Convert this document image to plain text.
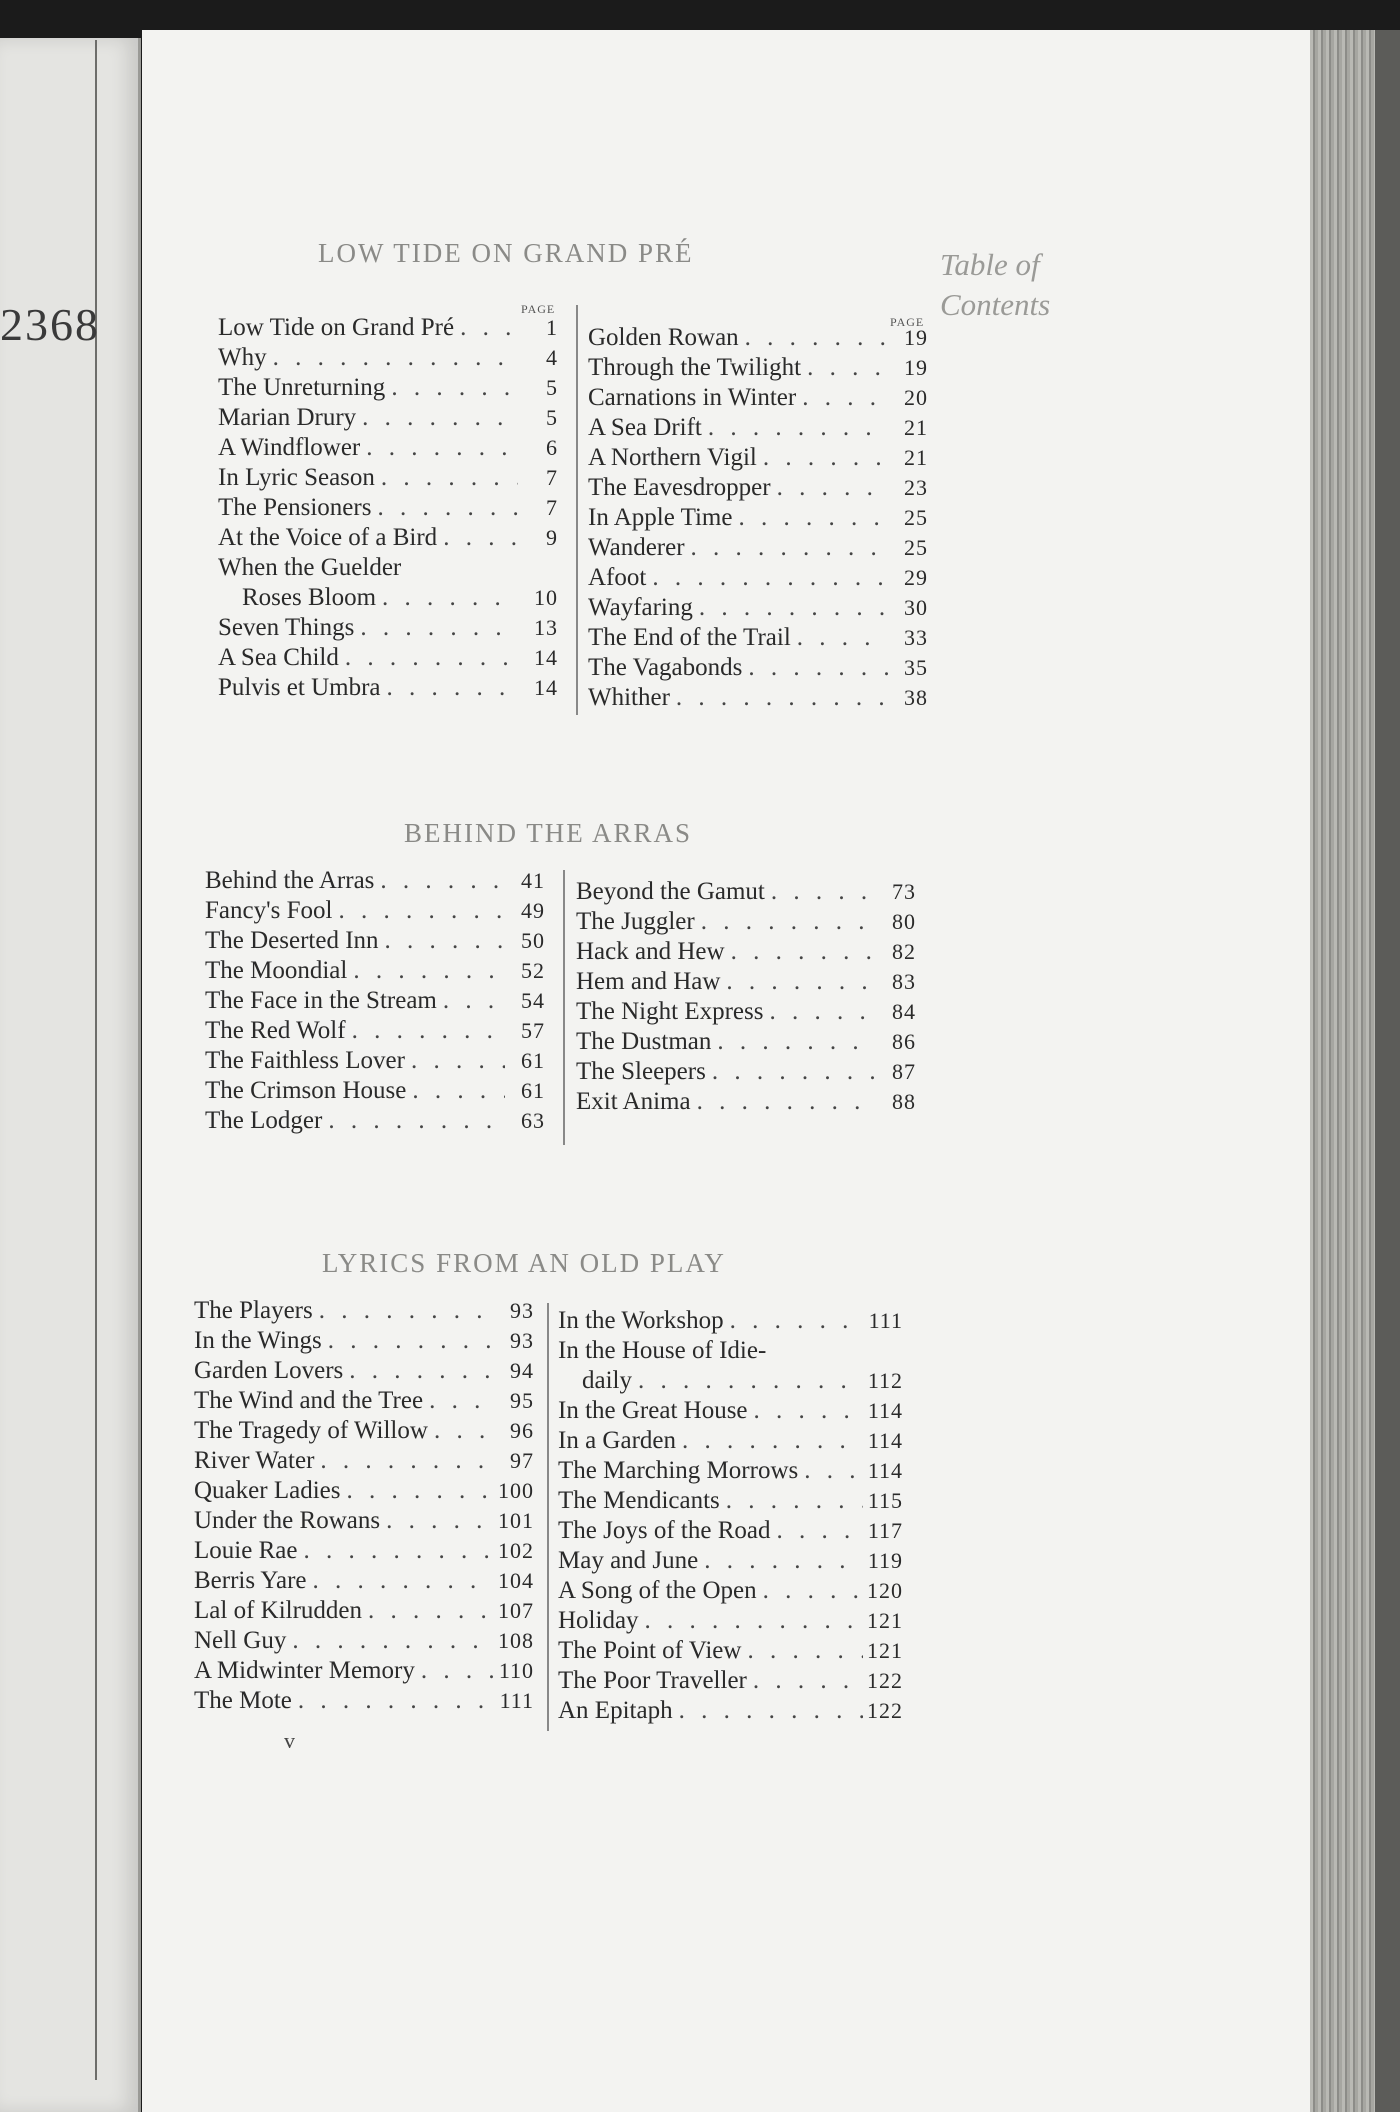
2368
Table of

Contents
LOW TIDE ON GRAND PRÉ
PAGE
PAGE
Low Tide on Grand Pré . . .	1
Why . . .	4
The Unreturning . . .	5
Marian Drury . . .	5
A Windflower . . .	6
In Lyric Season . . .	7
The Pensioners . . .	7
At the Voice of a Bird . . .	9
When the Guelder
Roses Bloom . . .	10
Seven Things . . .	13
A Sea Child . . .	14
Pulvis et Umbra . . .	14
Golden Rowan . . .	19
Through the Twilight . . .	19
Carnations in Winter . . .	20
A Sea Drift . . .	21
A Northern Vigil . . .	21
The Eavesdropper . . .	23
In Apple Time . . .	25
Wanderer . . .	25
Afoot . . .	29
Wayfaring . . .	30
The End of the Trail . . .	33
The Vagabonds . . .	35
Whither . . .	38
BEHIND THE ARRAS
Behind the Arras . . .	41
Fancy's Fool . . .	49
The Deserted Inn . . .	50
The Moondial . . .	52
The Face in the Stream . . .	54
The Red Wolf . . .	57
The Faithless Lover . . .	61
The Crimson House . . .	61
The Lodger . . .	63
Beyond the Gamut . . .	73
The Juggler . . .	80
Hack and Hew . . .	82
Hem and Haw . . .	83
The Night Express . . .	84
The Dustman . . .	86
The Sleepers . . .	87
Exit Anima . . .	88
LYRICS FROM AN OLD PLAY
The Players . . .	93
In the Wings . . .	93
Garden Lovers . . .	94
The Wind and the Tree . . .	95
The Tragedy of Willow . . .	96
River Water . . .	97
Quaker Ladies . . .	100
Under the Rowans . . .	101
Louie Rae . . .	102
Berris Yare . . .	104
Lal of Kilrudden . . .	107
Nell Guy . . .	108
A Midwinter Memory . . .	110
The Mote . . .	111
In the Workshop . . .	111
In the House of Idie-
daily . . .	112
In the Great House . . .	114
In a Garden . . .	114
The Marching Morrows . . .	114
The Mendicants . . .	115
The Joys of the Road . . .	117
May and June . . .	119
A Song of the Open . . .	120
Holiday . . .	121
The Point of View . . .	121
The Poor Traveller . . .	122
An Epitaph . . .	122
v
